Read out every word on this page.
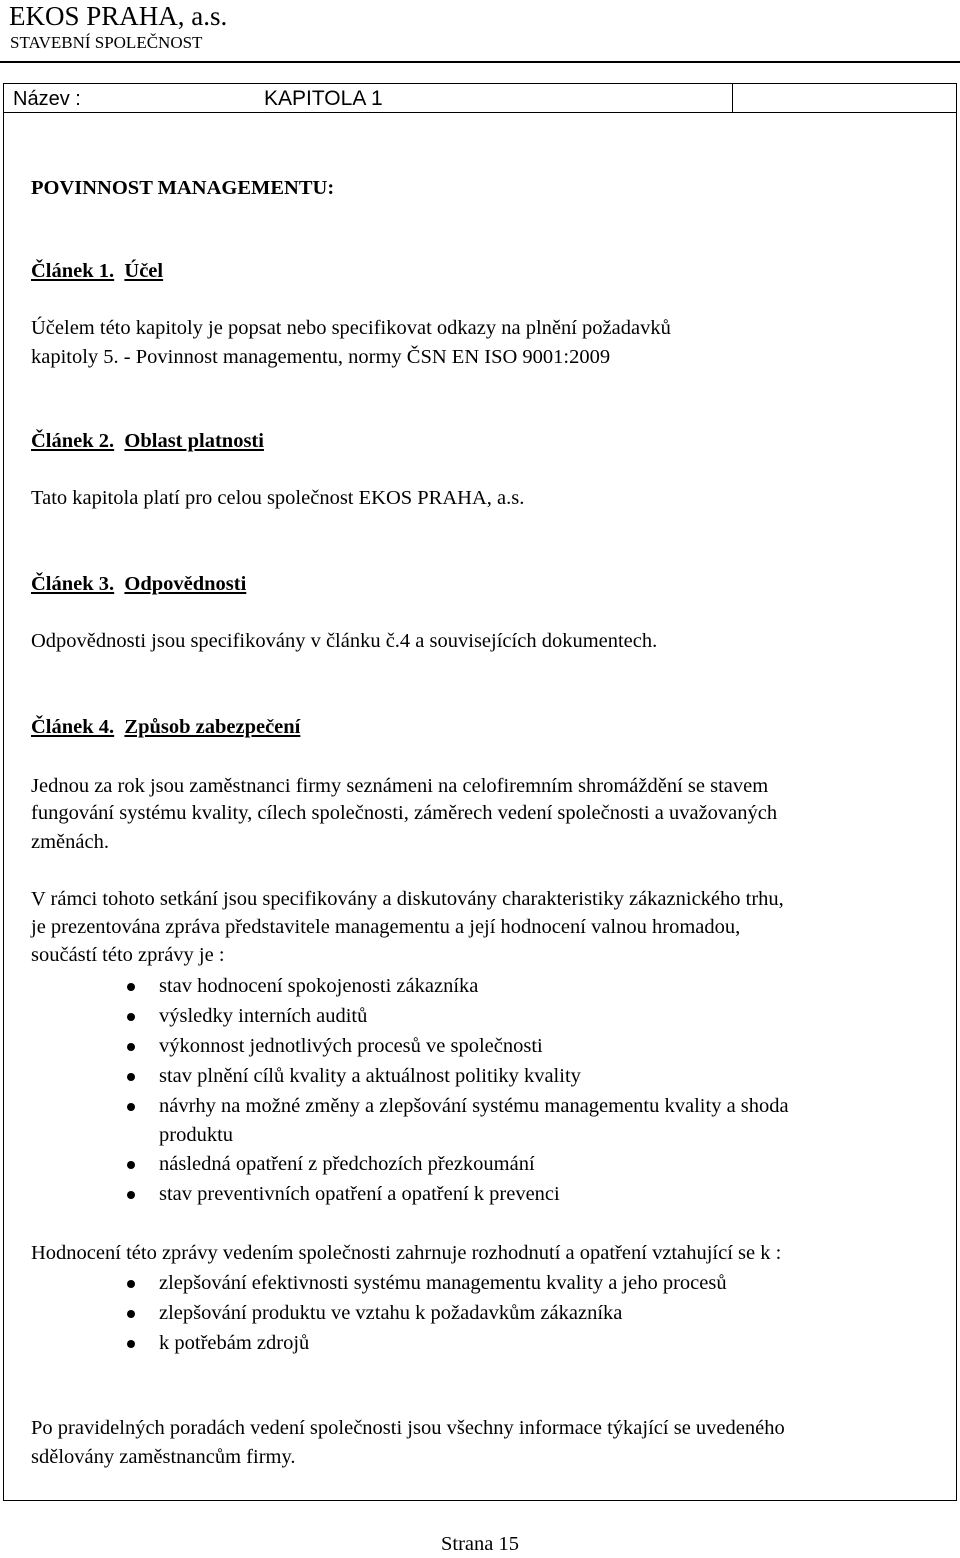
EKOS PRAHA, a.s.
STAVEBNÍ SPOLEČNOST
Název :	KAPITOLA 1
POVINNOST MANAGEMENTU:
Článek 1. Účel
Účelem této kapitoly je popsat nebo specifikovat odkazy na plnění požadavků
kapitoly 5. - Povinnost managementu, normy ČSN EN ISO 9001:2009
Článek 2. Oblast platnosti
Tato kapitola platí pro celou společnost EKOS PRAHA, a.s.
Článek 3. Odpovědnosti
Odpovědnosti jsou specifikovány v článku č.4 a souvisejících dokumentech.
Článek 4. Způsob zabezpečení
Jednou za rok jsou zaměstnanci firmy seznámeni na celofiremním shromáždění se stavem
fungování systému kvality, cílech společnosti, záměrech vedení společnosti a uvažovaných
změnách.
V rámci tohoto setkání jsou specifikovány a diskutovány charakteristiky zákaznického trhu,
je prezentována zpráva představitele managementu a její hodnocení valnou hromadou,
součástí této zprávy je :
stav hodnocení spokojenosti zákazníka
výsledky interních auditů
výkonnost jednotlivých procesů ve společnosti
stav plnění cílů kvality a aktuálnost politiky kvality
návrhy na možné změny a zlepšování systému managementu kvality a shoda
produktu
následná opatření z předchozích přezkoumání
stav preventivních opatření a opatření k prevenci
Hodnocení této zprávy vedením společnosti zahrnuje rozhodnutí a opatření vztahující se k :
zlepšování efektivnosti systému managementu kvality a jeho procesů
zlepšování produktu ve vztahu k požadavkům zákazníka
k potřebám zdrojů
Po pravidelných poradách vedení společnosti jsou všechny informace týkající se uvedeného
sdělovány zaměstnancům firmy.
Strana 15
